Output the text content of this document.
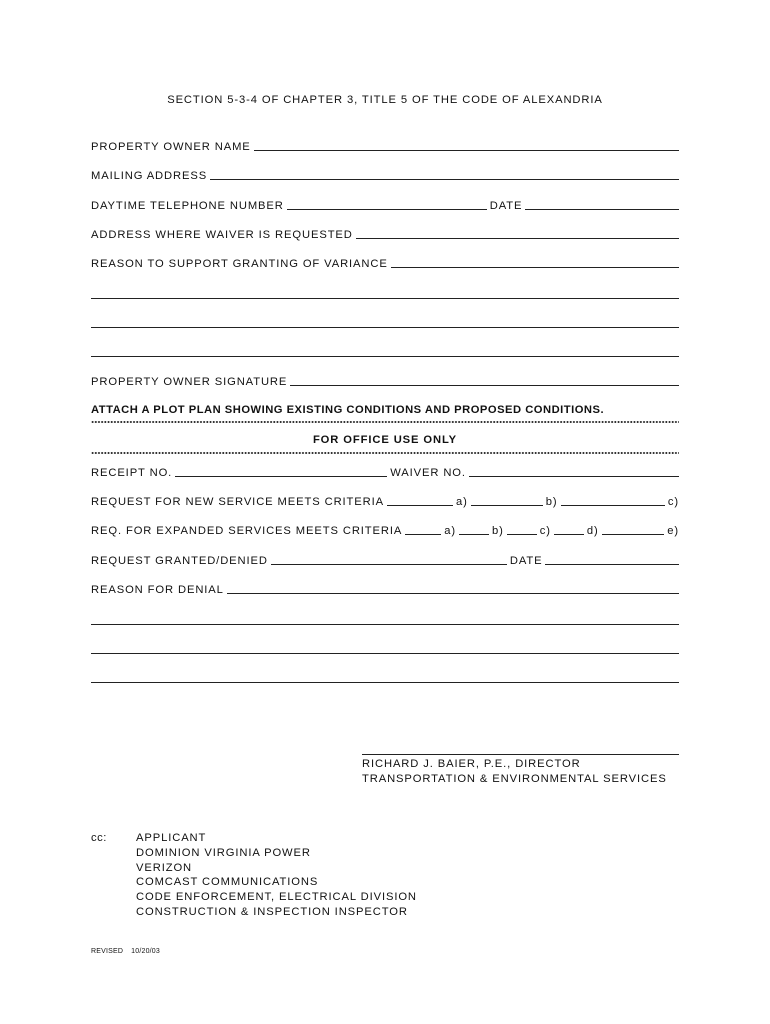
SECTION 5-3-4 OF CHAPTER 3, TITLE 5 OF THE CODE OF ALEXANDRIA
PROPERTY OWNER NAME
MAILING ADDRESS
DAYTIME TELEPHONE NUMBER	DATE
ADDRESS WHERE WAIVER IS REQUESTED
REASON TO SUPPORT GRANTING OF VARIANCE
PROPERTY OWNER SIGNATURE
ATTACH A PLOT PLAN SHOWING EXISTING CONDITIONS AND PROPOSED CONDITIONS.
FOR OFFICE USE ONLY
RECEIPT NO.	WAIVER NO.
REQUEST FOR NEW SERVICE MEETS CRITERIA	a)	b)	c)
REQ. FOR EXPANDED SERVICES MEETS CRITERIA	a)	b)	c)	d)	e)
REQUEST GRANTED/DENIED	DATE
REASON FOR DENIAL
RICHARD J. BAIER, P.E., DIRECTOR
TRANSPORTATION & ENVIRONMENTAL SERVICES
cc:	APPLICANT
DOMINION VIRGINIA POWER
VERIZON
COMCAST COMMUNICATIONS
CODE ENFORCEMENT, ELECTRICAL DIVISION
CONSTRUCTION & INSPECTION INSPECTOR
REVISED 10/20/03
